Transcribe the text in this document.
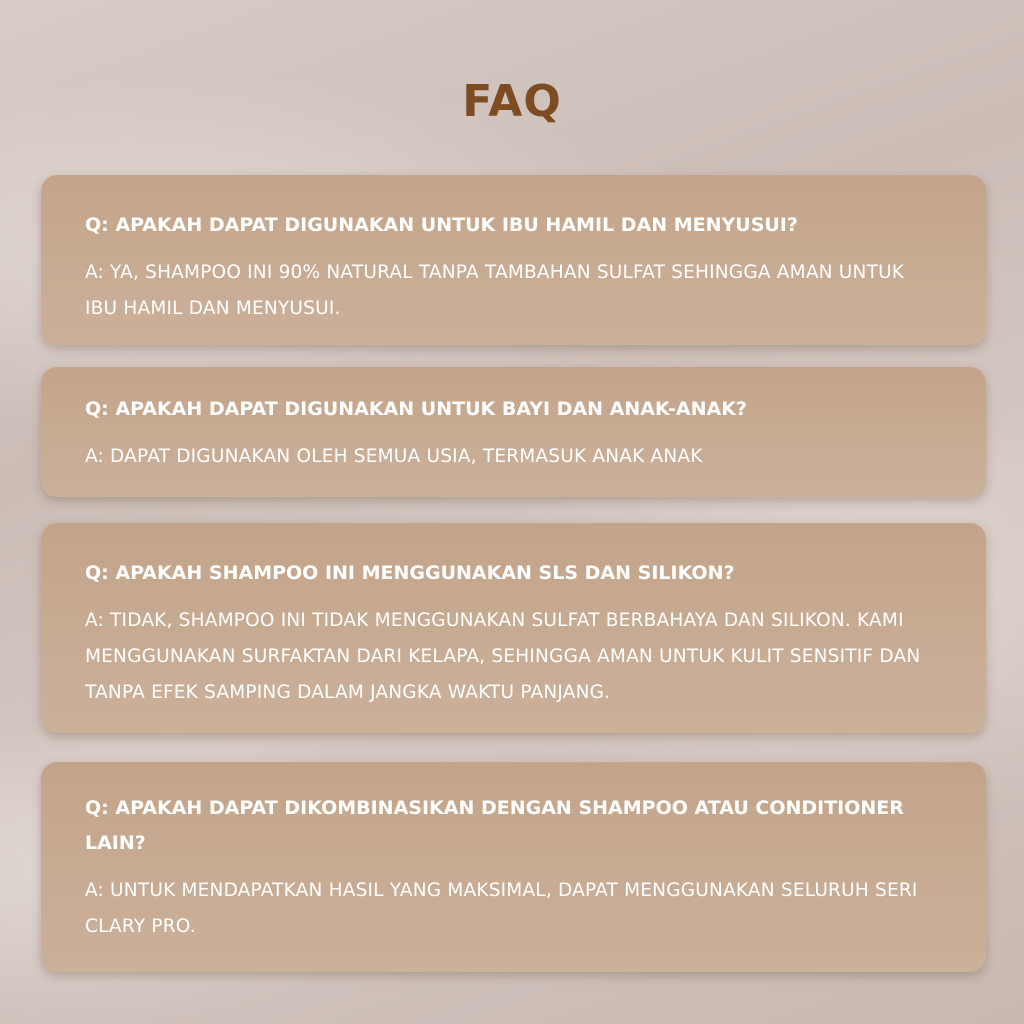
FAQ

Q: APAKAH DAPAT DIGUNAKAN UNTUK IBU HAMIL DAN MENYUSUI?

A: YA, SHAMPOO INI 90% NATURAL TANPA TAMBAHAN SULFAT SEHINGGA AMAN UNTUK IBU HAMIL DAN MENYUSUI.

Q: APAKAH DAPAT DIGUNAKAN UNTUK BAYI DAN ANAK-ANAK?

A: DAPAT DIGUNAKAN OLEH SEMUA USIA, TERMASUK ANAK ANAK

Q: APAKAH SHAMPOO INI MENGGUNAKAN SLS DAN SILIKON?

A: TIDAK, SHAMPOO INI TIDAK MENGGUNAKAN SULFAT BERBAHAYA DAN SILIKON. KAMI MENGGUNAKAN SURFAKTAN DARI KELAPA, SEHINGGA AMAN UNTUK KULIT SENSITIF DAN TANPA EFEK SAMPING DALAM JANGKA WAKTU PANJANG.

Q: APAKAH DAPAT DIKOMBINASIKAN DENGAN SHAMPOO ATAU CONDITIONER LAIN?

A: UNTUK MENDAPATKAN HASIL YANG MAKSIMAL, DAPAT MENGGUNAKAN SELURUH SERI CLARY PRO.
